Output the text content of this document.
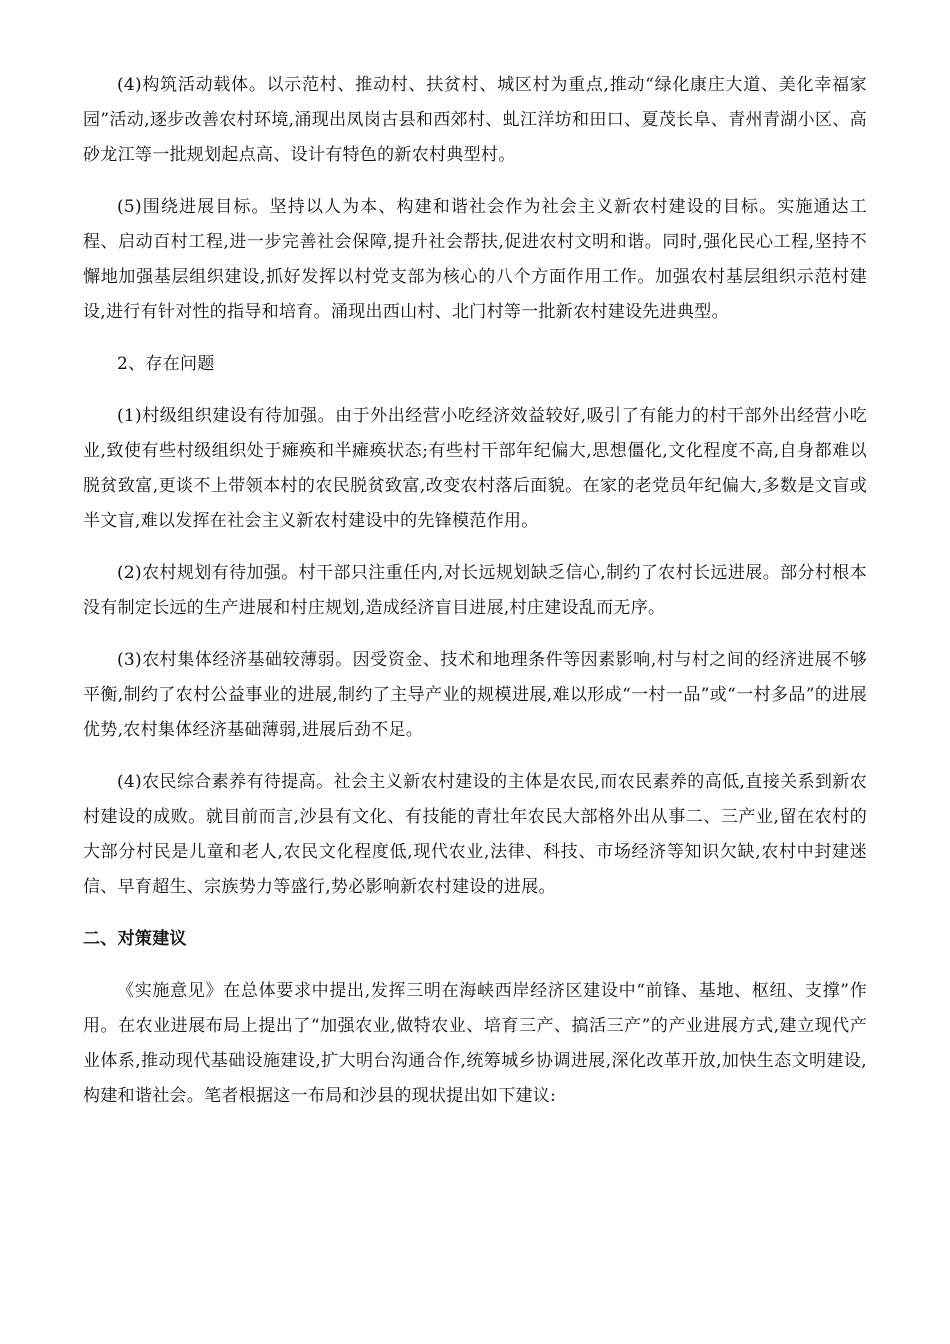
(4)构筑活动载体。以示范村、推动村、扶贫村、城区村为重点,推动“绿化康庄大道、美化幸福家园”活动,逐步改善农村环境,涌现出凤岗古县和西郊村、虬江洋坊和田口、夏茂长阜、青州青湖小区、高砂龙江等一批规划起点高、设计有特色的新农村典型村。

(5)围绕进展目标。坚持以人为本、构建和谐社会作为社会主义新农村建设的目标。实施通达工程、启动百村工程,进一步完善社会保障,提升社会帮扶,促进农村文明和谐。同时,强化民心工程,坚持不懈地加强基层组织建设,抓好发挥以村党支部为核心的八个方面作用工作。加强农村基层组织示范村建设,进行有针对性的指导和培育。涌现出西山村、北门村等一批新农村建设先进典型。

2、存在问题

(1)村级组织建设有待加强。由于外出经营小吃经济效益较好,吸引了有能力的村干部外出经营小吃业,致使有些村级组织处于瘫痪和半瘫痪状态;有些村干部年纪偏大,思想僵化,文化程度不高,自身都难以脱贫致富,更谈不上带领本村的农民脱贫致富,改变农村落后面貌。在家的老党员年纪偏大,多数是文盲或半文盲,难以发挥在社会主义新农村建设中的先锋模范作用。

(2)农村规划有待加强。村干部只注重任内,对长远规划缺乏信心,制约了农村长远进展。部分村根本没有制定长远的生产进展和村庄规划,造成经济盲目进展,村庄建设乱而无序。

(3)农村集体经济基础较薄弱。因受资金、技术和地理条件等因素影响,村与村之间的经济进展不够平衡,制约了农村公益事业的进展,制约了主导产业的规模进展,难以形成“一村一品”或“一村多品”的进展优势,农村集体经济基础薄弱,进展后劲不足。

(4)农民综合素养有待提高。社会主义新农村建设的主体是农民,而农民素养的高低,直接关系到新农村建设的成败。就目前而言,沙县有文化、有技能的青壮年农民大部格外出从事二、三产业,留在农村的大部分村民是儿童和老人,农民文化程度低,现代农业,法律、科技、市场经济等知识欠缺,农村中封建迷信、早育超生、宗族势力等盛行,势必影响新农村建设的进展。

二、对策建议

《实施意见》在总体要求中提出,发挥三明在海峡西岸经济区建设中“前锋、基地、枢纽、支撑”作用。在农业进展布局上提出了“加强农业,做特农业、培育三产、搞活三产”的产业进展方式,建立现代产业体系,推动现代基础设施建设,扩大明台沟通合作,统筹城乡协调进展,深化改革开放,加快生态文明建设,构建和谐社会。笔者根据这一布局和沙县的现状提出如下建议:
